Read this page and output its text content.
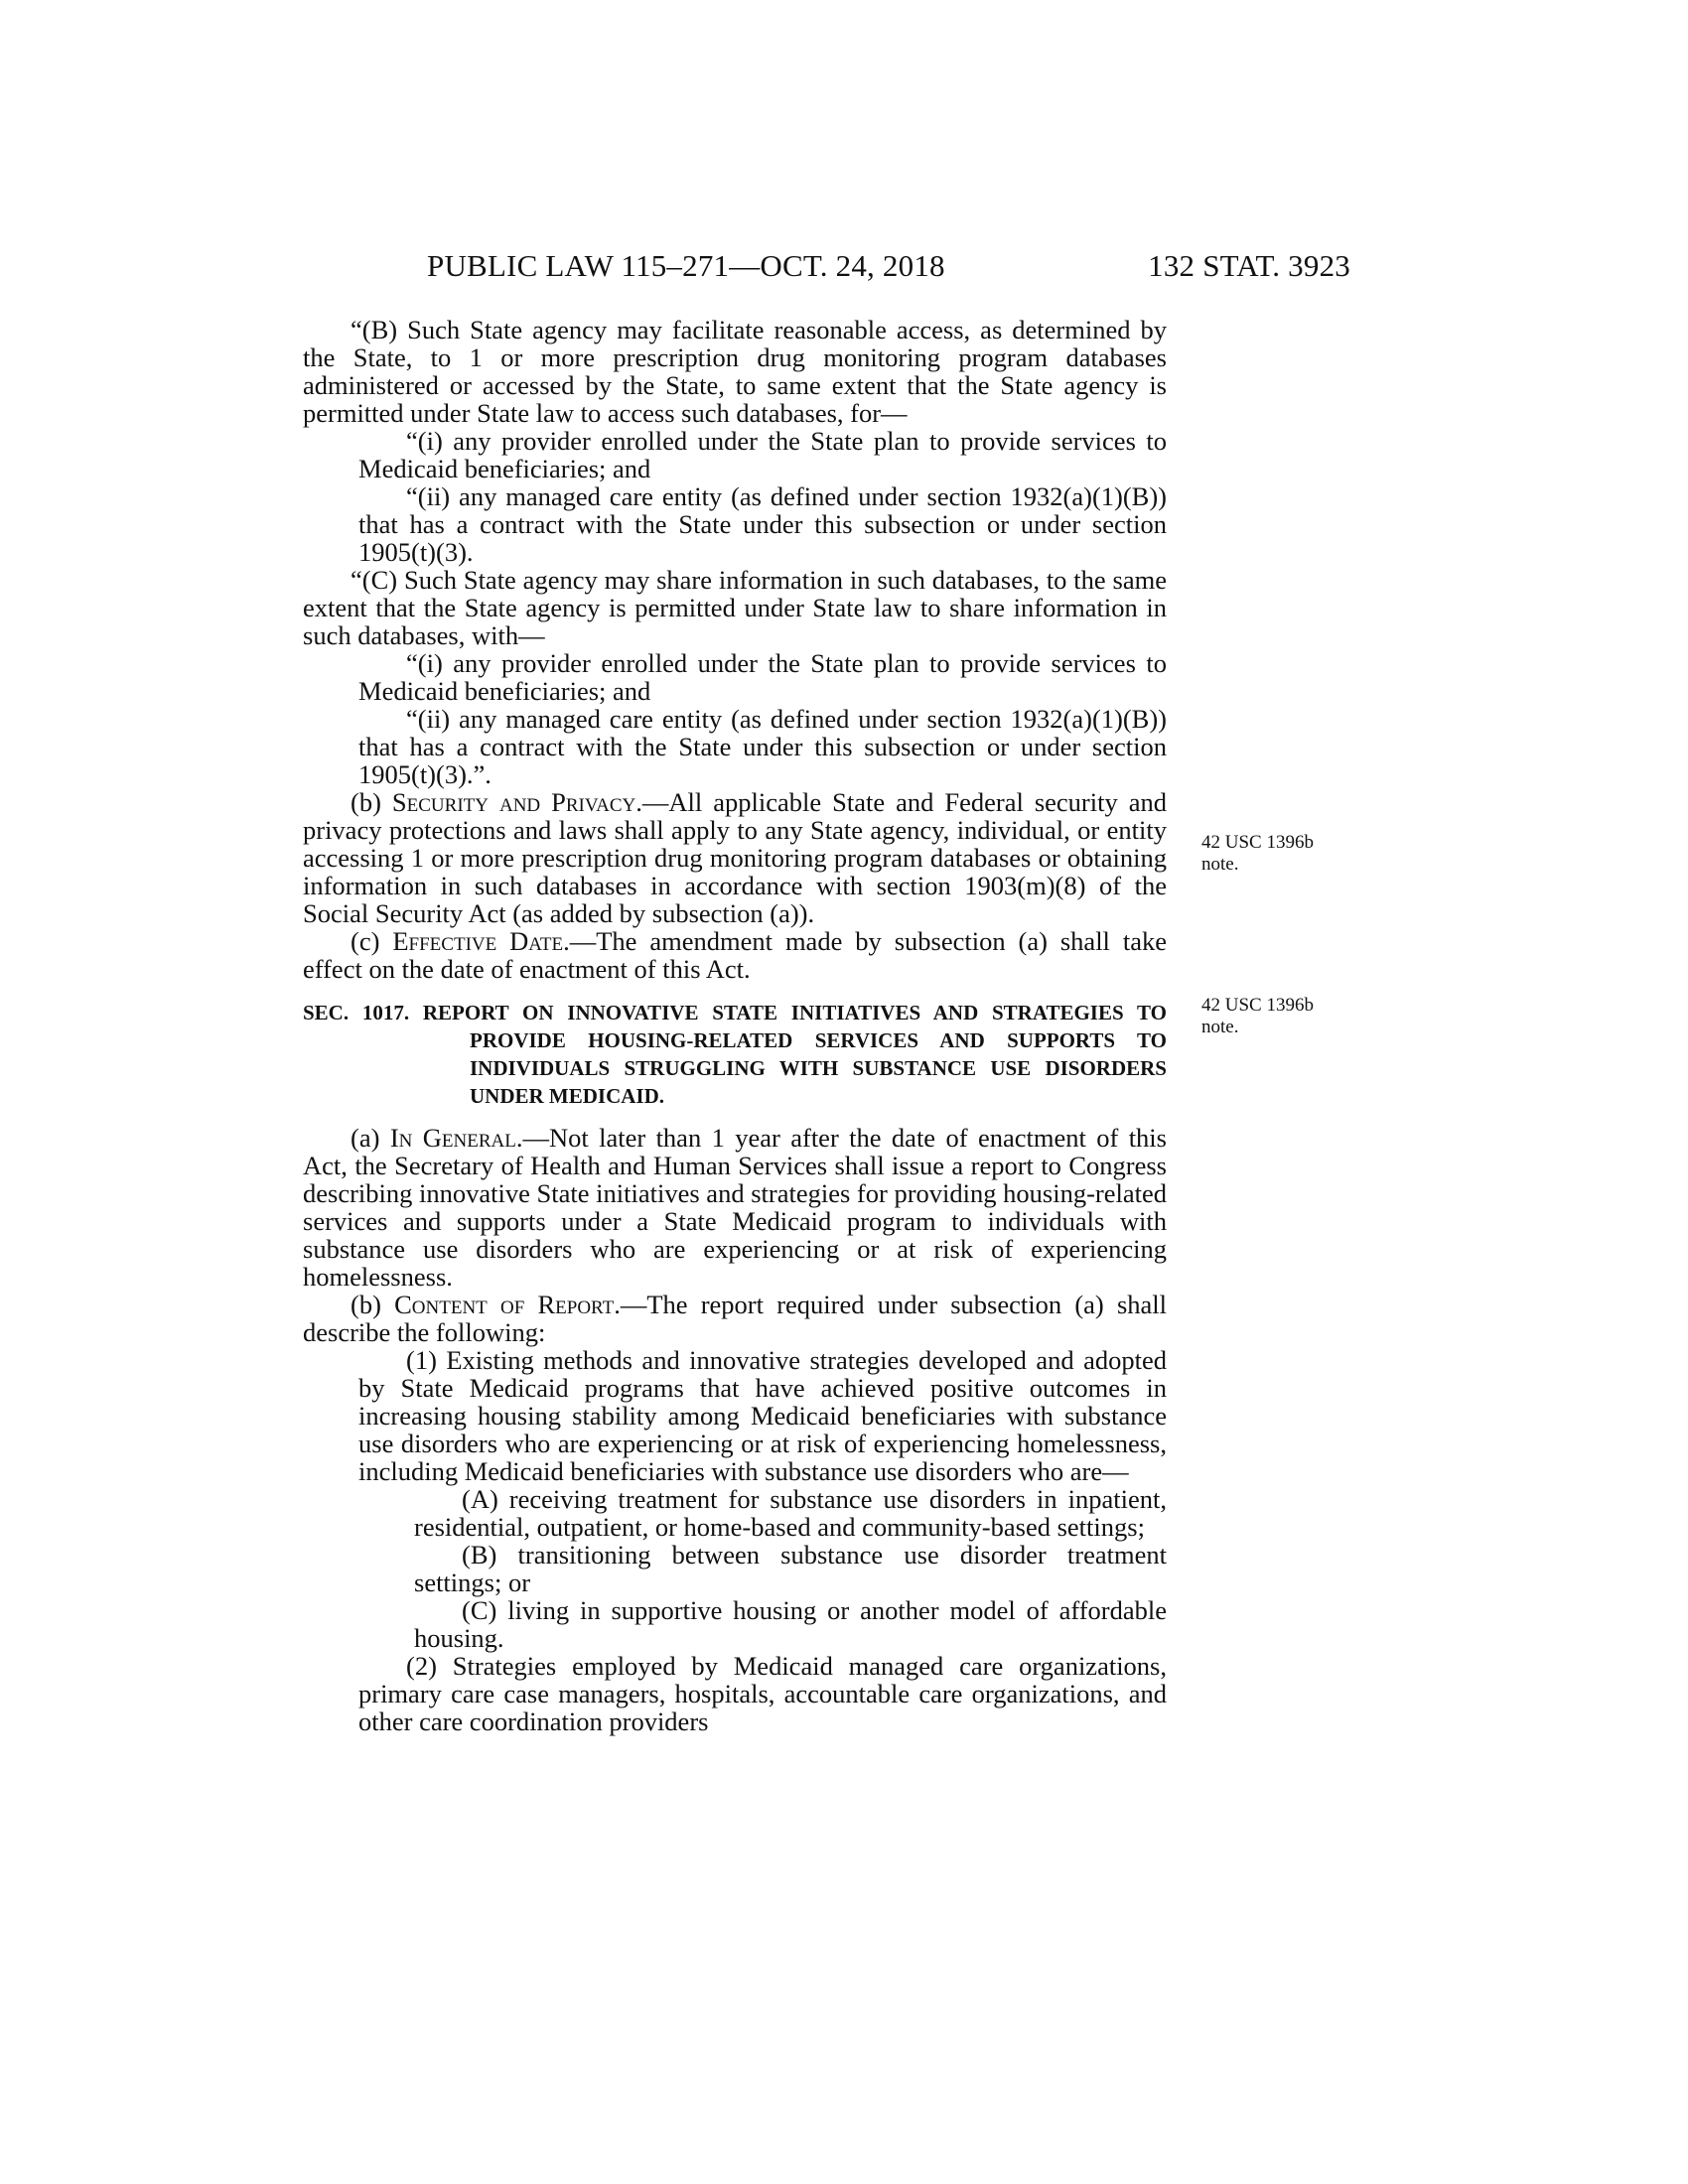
PUBLIC LAW 115–271—OCT. 24, 2018	132 STAT. 3923
42 USC 1396b
note.
42 USC 1396b
note.

“(B) Such State agency may facilitate reasonable access, as determined by the State, to 1 or more prescription drug monitoring program databases administered or accessed by the State, to same extent that the State agency is permitted under State law to access such databases, for—

“(i) any provider enrolled under the State plan to provide services to Medicaid beneficiaries; and

“(ii) any managed care entity (as defined under section 1932(a)(1)(B)) that has a contract with the State under this subsection or under section 1905(t)(3).

“(C) Such State agency may share information in such databases, to the same extent that the State agency is permitted under State law to share information in such databases, with—

“(i) any provider enrolled under the State plan to provide services to Medicaid beneficiaries; and

“(ii) any managed care entity (as defined under section 1932(a)(1)(B)) that has a contract with the State under this subsection or under section 1905(t)(3).”.

(b) Security and Privacy.—All applicable State and Federal security and privacy protections and laws shall apply to any State agency, individual, or entity accessing 1 or more prescription drug monitoring program databases or obtaining information in such databases in accordance with section 1903(m)(8) of the Social Security Act (as added by subsection (a)).

(c) Effective Date.—The amendment made by subsection (a) shall take effect on the date of enactment of this Act.

SEC. 1017. REPORT ON INNOVATIVE STATE INITIATIVES AND STRATEGIES TO PROVIDE HOUSING-RELATED SERVICES AND SUPPORTS TO INDIVIDUALS STRUGGLING WITH SUBSTANCE USE DISORDERS UNDER MEDICAID.

(a) In General.—Not later than 1 year after the date of enactment of this Act, the Secretary of Health and Human Services shall issue a report to Congress describing innovative State initiatives and strategies for providing housing-related services and supports under a State Medicaid program to individuals with substance use disorders who are experiencing or at risk of experiencing homelessness.

(b) Content of Report.—The report required under subsection (a) shall describe the following:

(1) Existing methods and innovative strategies developed and adopted by State Medicaid programs that have achieved positive outcomes in increasing housing stability among Medicaid beneficiaries with substance use disorders who are experiencing or at risk of experiencing homelessness, including Medicaid beneficiaries with substance use disorders who are—

(A) receiving treatment for substance use disorders in inpatient, residential, outpatient, or home-based and community-based settings;

(B) transitioning between substance use disorder treatment settings; or

(C) living in supportive housing or another model of affordable housing.

(2) Strategies employed by Medicaid managed care organizations, primary care case managers, hospitals, accountable care organizations, and other care coordination providers
